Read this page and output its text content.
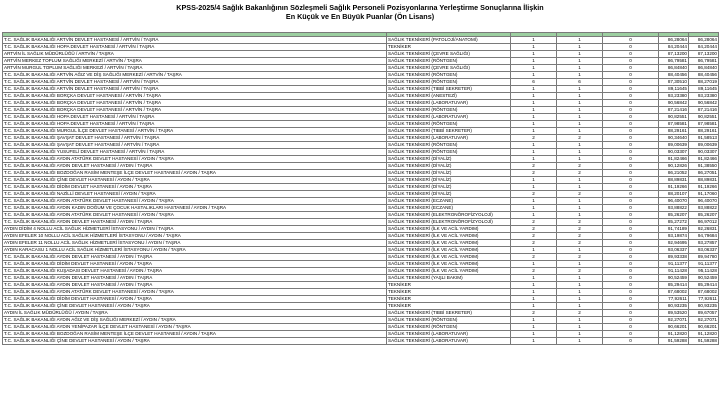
KPSS-2025/4 Sağlık Bakanlığının Sözleşmeli Sağlık Personeli Pozisyonlarına Yerleştirme Sonuçlarına İlişkin
En Küçük ve En Büyük Puanlar (Ön Lisans)

T.C. SAĞLIK BAKANLIĞI ARTVİN DEVLET HASTANESİ / ARTVİN / TAŞRA	SAĞLIK TEKNİKERİ (PATOLOJİ/ANATOMİ)	1	1	0	86,28064	86,28064
T.C. SAĞLIK BAKANLIĞI HOPA DEVLET HASTANESİ / ARTVİN / TAŞRA	TEKNİKER	1	1	0	84,20444	84,20444
ARTVİN İL SAĞLIK MÜDÜRLÜĞÜ / ARTVİN / TAŞRA	SAĞLIK TEKNİKERİ (ÇEVRE SAĞLIĞI)	1	1	0	87,13200	87,13200
ARTVİN MERKEZ TOPLUM SAĞLIĞI MERKEZİ / ARTVİN / TAŞRA	SAĞLIK TEKNİKERİ (RÖNTGEN)	1	1	0	86,79581	86,79581
ARTVİN MURGUL TOPLUM SAĞLIĞI MERKEZİ / ARTVİN / TAŞRA	SAĞLIK TEKNİKERİ (ÇEVRE SAĞLIĞI)	1	1	0	86,84840	86,84840
T.C. SAĞLIK BAKANLIĞI ARTVİN AĞIZ VE DİŞ SAĞLIĞI MERKEZİ / ARTVİN / TAŞRA	SAĞLIK TEKNİKERİ (RÖNTGEN)	1	1	0	88,40456	88,40456
T.C. SAĞLIK BAKANLIĞI ARTVİN DEVLET HASTANESİ / ARTVİN / TAŞRA	SAĞLIK TEKNİKERİ (RÖNTGEN)	6	6	0	87,30510	88,27019
T.C. SAĞLIK BAKANLIĞI ARTVİN DEVLET HASTANESİ / ARTVİN / TAŞRA	SAĞLIK TEKNİKERİ (TIBBİ SEKRETER)	1	1	0	89,11645	89,11645
T.C. SAĞLIK BAKANLIĞI BORÇKA DEVLET HASTANESİ / ARTVİN / TAŞRA	SAĞLIK TEKNİKERİ (ANESTEZİ)	1	1	0	93,23380	93,23380
T.C. SAĞLIK BAKANLIĞI BORÇKA DEVLET HASTANESİ / ARTVİN / TAŞRA	SAĞLIK TEKNİKERİ (LABORATUVAR)	1	1	0	90,56842	90,56842
T.C. SAĞLIK BAKANLIĞI BORÇKA DEVLET HASTANESİ / ARTVİN / TAŞRA	SAĞLIK TEKNİKERİ (RÖNTGEN)	1	1	0	87,21416	87,21416
T.C. SAĞLIK BAKANLIĞI HOPA DEVLET HASTANESİ / ARTVİN / TAŞRA	SAĞLIK TEKNİKERİ (LABORATUVAR)	1	1	0	90,82551	90,82551
T.C. SAĞLIK BAKANLIĞI HOPA DEVLET HASTANESİ / ARTVİN / TAŞRA	SAĞLIK TEKNİKERİ (RÖNTGEN)	1	1	0	87,98581	87,98581
T.C. SAĞLIK BAKANLIĞI MURGUL İLÇE DEVLET HASTANESİ / ARTVİN / TAŞRA	SAĞLIK TEKNİKERİ (TIBBİ SEKRETER)	1	1	0	88,29161	88,29161
T.C. SAĞLIK BAKANLIĞI ŞAVŞAT DEVLET HASTANESİ / ARTVİN / TAŞRA	SAĞLIK TEKNİKERİ (LABORATUVAR)	2	2	0	90,34640	91,58513
T.C. SAĞLIK BAKANLIĞI ŞAVŞAT DEVLET HASTANESİ / ARTVİN / TAŞRA	SAĞLIK TEKNİKERİ (RÖNTGEN)	1	1	0	89,00639	89,00639
T.C. SAĞLIK BAKANLIĞI YUSUFELİ DEVLET HASTANESİ / ARTVİN / TAŞRA	SAĞLIK TEKNİKERİ (RÖNTGEN)	1	1	0	90,03307	90,03307
T.C. SAĞLIK BAKANLIĞI AYDIN ATATÜRK DEVLET HASTANESİ / AYDIN / TAŞRA	SAĞLIK TEKNİKERİ (DİYALİZ)	1	1	0	91,82466	91,82466
T.C. SAĞLIK BAKANLIĞI AYDIN DEVLET HASTANESİ / AYDIN / TAŞRA	SAĞLIK TEKNİKERİ (DİYALİZ)	2	2	0	90,12826	91,38550
T.C. SAĞLIK BAKANLIĞI BOZDOĞAN RASİM MENTEŞE İLÇE DEVLET HASTANESİ / AYDIN / TAŞRA	SAĞLIK TEKNİKERİ (DİYALİZ)	2	2	0	86,21052	86,27051
T.C. SAĞLIK BAKANLIĞI ÇİNE DEVLET HASTANESİ / AYDIN / TAŞRA	SAĞLIK TEKNİKERİ (DİYALİZ)	1	1	0	88,89831	88,89831
T.C. SAĞLIK BAKANLIĞI DİDİM DEVLET HASTANESİ / AYDIN / TAŞRA	SAĞLIK TEKNİKERİ (DİYALİZ)	1	1	0	91,19266	91,19266
T.C. SAĞLIK BAKANLIĞI NAZİLLİ DEVLET HASTANESİ / AYDIN / TAŞRA	SAĞLIK TEKNİKERİ (DİYALİZ)	2	2	0	88,20107	91,17060
T.C. SAĞLIK BAKANLIĞI AYDIN ATATÜRK DEVLET HASTANESİ / AYDIN / TAŞRA	SAĞLIK TEKNİKERİ (ECZANE)	1	1	0	96,40070	96,40070
T.C. SAĞLIK BAKANLIĞI AYDIN KADIN DOĞUM VE ÇOCUK HASTALIKLARI HASTANESİ / AYDIN / TAŞRA	SAĞLIK TEKNİKERİ (ECZANE)	1	1	0	93,88822	93,88822
T.C. SAĞLIK BAKANLIĞI AYDIN ATATÜRK DEVLET HASTANESİ / AYDIN / TAŞRA	SAĞLIK TEKNİKERİ (ELEKTRONÖROFİZYOLOJİ)	1	1	0	85,26207	85,26207
T.C. SAĞLIK BAKANLIĞI AYDIN DEVLET HASTANESİ / AYDIN / TAŞRA	SAĞLIK TEKNİKERİ (ELEKTRONÖROFİZYOLOJİ)	2	2	0	85,27272	86,97012
AYDIN DİDİM 4 NOLLU ACİL SAĞLIK HİZMETLERİ İSTASYONU / AYDIN / TAŞRA	SAĞLIK TEKNİKERİ (İLK VE ACİL YARDIM)	2	2	0	91,74189	92,26831
AYDIN EFELER 10 NOLLU ACİL SAĞLIK HİZMETLERİ İSTASYONU / AYDIN / TAŞRA	SAĞLIK TEKNİKERİ (İLK VE ACİL YARDIM)	2	2	0	93,19874	94,79684
AYDIN EFELER 11 NOLLU ACİL SAĞLIK HİZMETLERİ İSTASYONU / AYDIN / TAŞRA	SAĞLIK TEKNİKERİ (İLK VE ACİL YARDIM)	2	2	0	92,94695	93,27857
AYDIN KARACASU 1 NOLLU ACİL SAĞLIK HİZMETLERİ İSTASYONU / AYDIN / TAŞRA	SAĞLIK TEKNİKERİ (İLK VE ACİL YARDIM)	1	1	0	93,06337	93,06337
T.C. SAĞLIK BAKANLIĞI AYDIN DEVLET HASTANESİ / AYDIN / TAŞRA	SAĞLIK TEKNİKERİ (İLK VE ACİL YARDIM)	2	2	0	89,93338	89,94780
T.C. SAĞLIK BAKANLIĞI DİDİM DEVLET HASTANESİ / AYDIN / TAŞRA	SAĞLIK TEKNİKERİ (İLK VE ACİL YARDIM)	1	1	0	91,11377	91,11377
T.C. SAĞLIK BAKANLIĞI KUŞADASI DEVLET HASTANESİ / AYDIN / TAŞRA	SAĞLIK TEKNİKERİ (İLK VE ACİL YARDIM)	2	2	0	91,11428	95,11428
T.C. SAĞLIK BAKANLIĞI AYDIN DEVLET HASTANESİ / AYDIN / TAŞRA	SAĞLIK TEKNİKERİ (YAŞLI BAKIM)	1	1	0	90,52459	90,52459
T.C. SAĞLIK BAKANLIĞI AYDIN DEVLET HASTANESİ / AYDIN / TAŞRA	TEKNİKER	1	1	0	85,29414	85,29414
T.C. SAĞLIK BAKANLIĞI AYDIN ATATÜRK DEVLET HASTANESİ / AYDIN / TAŞRA	TEKNİKER	1	1	0	87,68002	87,68002
T.C. SAĞLIK BAKANLIĞI DİDİM DEVLET HASTANESİ / AYDIN / TAŞRA	TEKNİKER	1	1	0	77,92611	77,92611
T.C. SAĞLIK BAKANLIĞI ÇİNE DEVLET HASTANESİ / AYDIN / TAŞRA	TEKNİKER	1	1	0	80,93235	80,93235
AYDIN İL SAĞLIK MÜDÜRLÜĞÜ / AYDIN / TAŞRA	SAĞLIK TEKNİKERİ (TIBBİ SEKRETER)	2	2	0	89,53520	89,67057
T.C. SAĞLIK BAKANLIĞI AYDIN AĞIZ VE DİŞ SAĞLIĞI MERKEZİ / AYDIN / TAŞRA	SAĞLIK TEKNİKERİ (RÖNTGEN)	1	1	0	92,27071	92,27071
T.C. SAĞLIK BAKANLIĞI AYDIN YENİPAZAR İLÇE DEVLET HASTANESİ / AYDIN / TAŞRA	SAĞLIK TEKNİKERİ (RÖNTGEN)	1	1	0	90,66201	90,66201
T.C. SAĞLIK BAKANLIĞI BOZDOĞAN RASİM MENTEŞE İLÇE DEVLET HASTANESİ / AYDIN / TAŞRA	SAĞLIK TEKNİKERİ (LABORATUVAR)	1	1	0	91,12820	91,12820
T.C. SAĞLIK BAKANLIĞI ÇİNE DEVLET HASTANESİ / AYDIN / TAŞRA	SAĞLIK TEKNİKERİ (LABORATUVAR)	1	1	0	91,59288	91,59288
